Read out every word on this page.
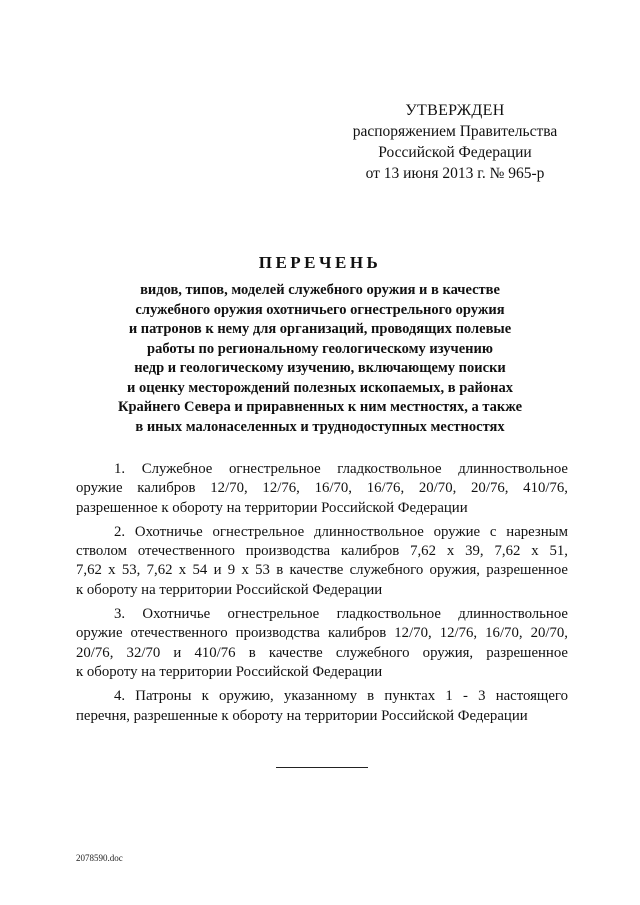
УТВЕРЖДЕН
распоряжением Правительства
Российской Федерации
от 13 июня 2013 г. № 965-р
ПЕРЕЧЕНЬ
видов, типов, моделей служебного оружия и в качестве
служебного оружия охотничьего огнестрельного оружия
и патронов к нему для организаций, проводящих полевые
работы по региональному геологическому изучению
недр и геологическому изучению, включающему поиски
и оценку месторождений полезных ископаемых, в районах
Крайнего Севера и приравненных к ним местностях, а также
в иных малонаселенных и труднодоступных местностях
1. Служебное огнестрельное гладкоствольное длинноствольное
оружие калибров 12/70, 12/76, 16/70, 16/76, 20/70, 20/76, 410/76,
разрешенное к обороту на территории Российской Федерации
2. Охотничье огнестрельное длинноствольное оружие с нарезным
стволом отечественного производства калибров 7,62 х 39, 7,62 х 51,
7,62 х 53, 7,62 х 54 и 9 х 53 в качестве служебного оружия, разрешенное
к обороту на территории Российской Федерации
3. Охотничье огнестрельное гладкоствольное длинноствольное
оружие отечественного производства калибров 12/70, 12/76, 16/70, 20/70,
20/76, 32/70 и 410/76 в качестве служебного оружия, разрешенное
к обороту на территории Российской Федерации
4. Патроны к оружию, указанному в пунктах 1 - 3 настоящего
перечня, разрешенные к обороту на территории Российской Федерации
2078590.doc
